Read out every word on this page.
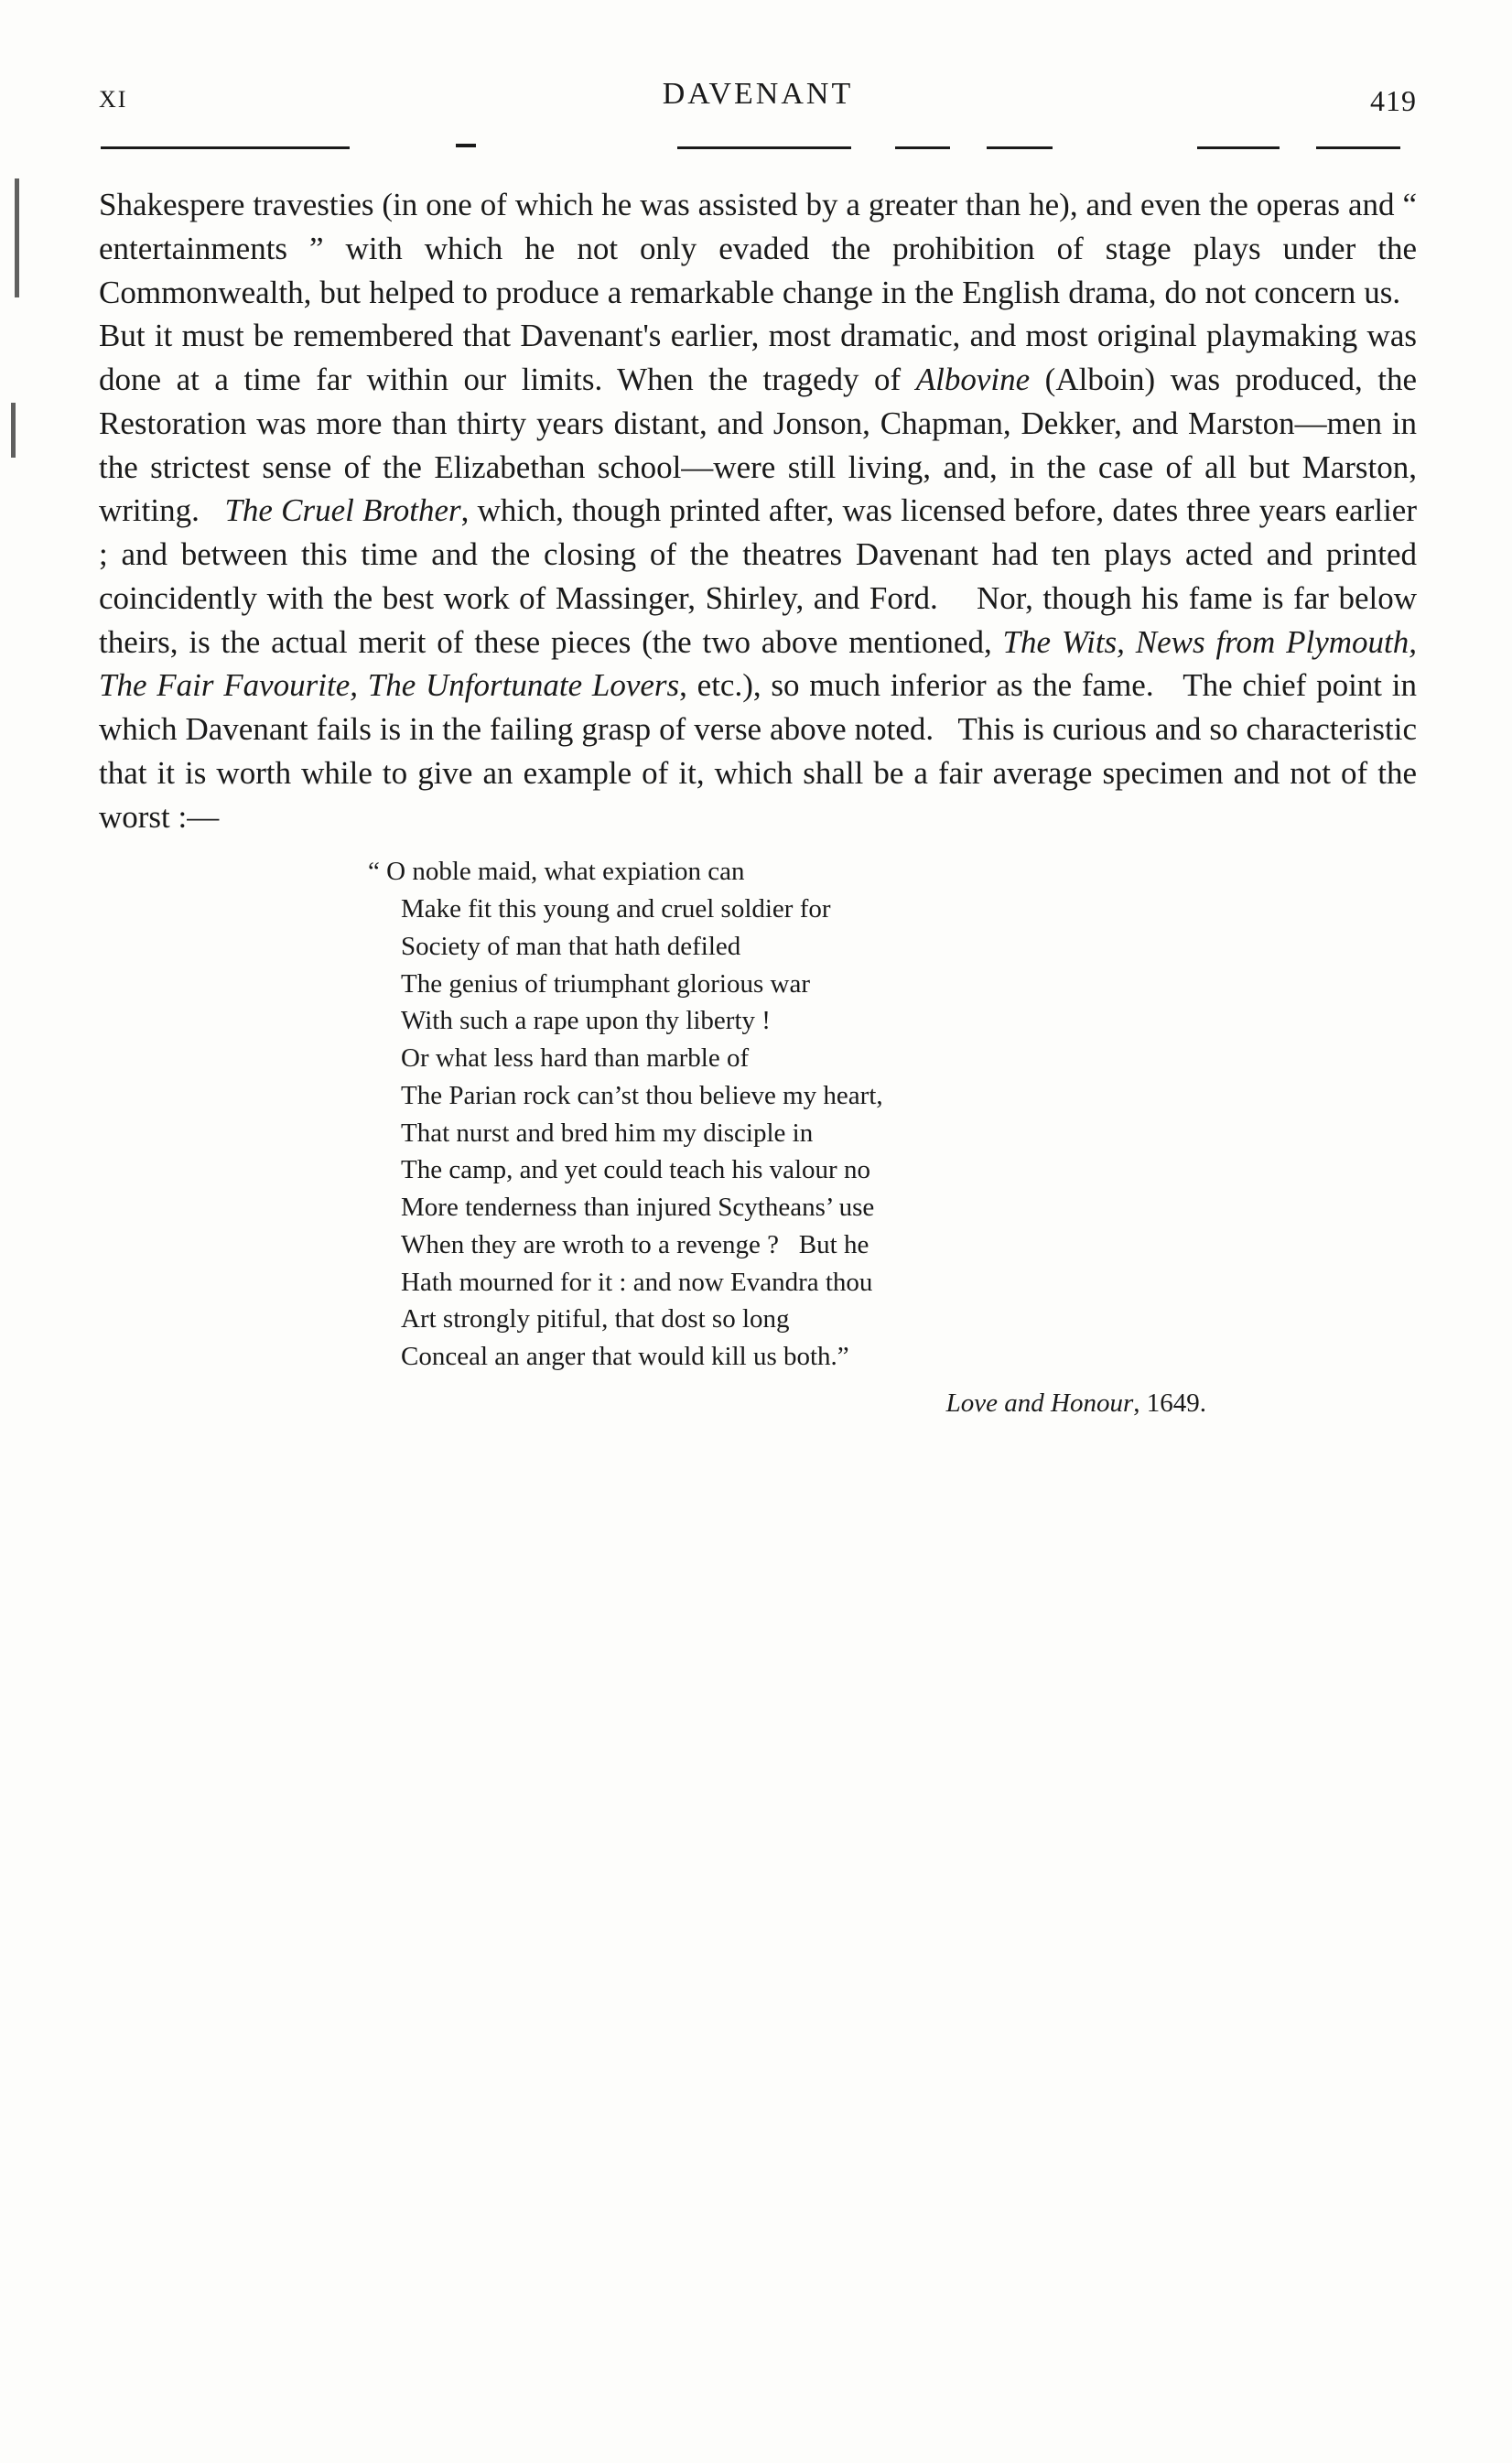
XI	DAVENANT	419
Shakespere travesties (in one of which he was assisted by a greater than he), and even the operas and “ entertainments ” with which he not only evaded the prohibition of stage plays under the Commonwealth, but helped to produce a remarkable change in the English drama, do not concern us.   But it must be remembered that Davenant's earlier, most dramatic, and most original playmaking was done at a time far within our limits. When the tragedy of Albovine (Alboin) was produced, the Restoration was more than thirty years distant, and Jonson, Chapman, Dekker, and Marston—men in the strictest sense of the Elizabethan school—were still living, and, in the case of all but Marston, writing.   The Cruel Brother, which, though printed after, was licensed before, dates three years earlier ; and between this time and the closing of the theatres Davenant had ten plays acted and printed coincidently with the best work of Massinger, Shirley, and Ford.    Nor, though his fame is far below theirs, is the actual merit of these pieces (the two above mentioned, The Wits, News from Plymouth, The Fair Favourite, The Unfortunate Lovers, etc.), so much inferior as the fame.   The chief point in which Davenant fails is in the failing grasp of verse above noted.   This is curious and so characteristic that it is worth while to give an example of it, which shall be a fair average specimen and not of the worst :—
“ O noble maid, what expiation can
Make fit this young and cruel soldier for
Society of man that hath defiled
The genius of triumphant glorious war
With such a rape upon thy liberty !
Or what less hard than marble of
The Parian rock can’st thou believe my heart,
That nurst and bred him my disciple in
The camp, and yet could teach his valour no
More tenderness than injured Scytheans’ use
When they are wroth to a revenge ?   But he
Hath mourned for it : and now Evandra thou
Art strongly pitiful, that dost so long
Conceal an anger that would kill us both.”
Love and Honour, 1649.
